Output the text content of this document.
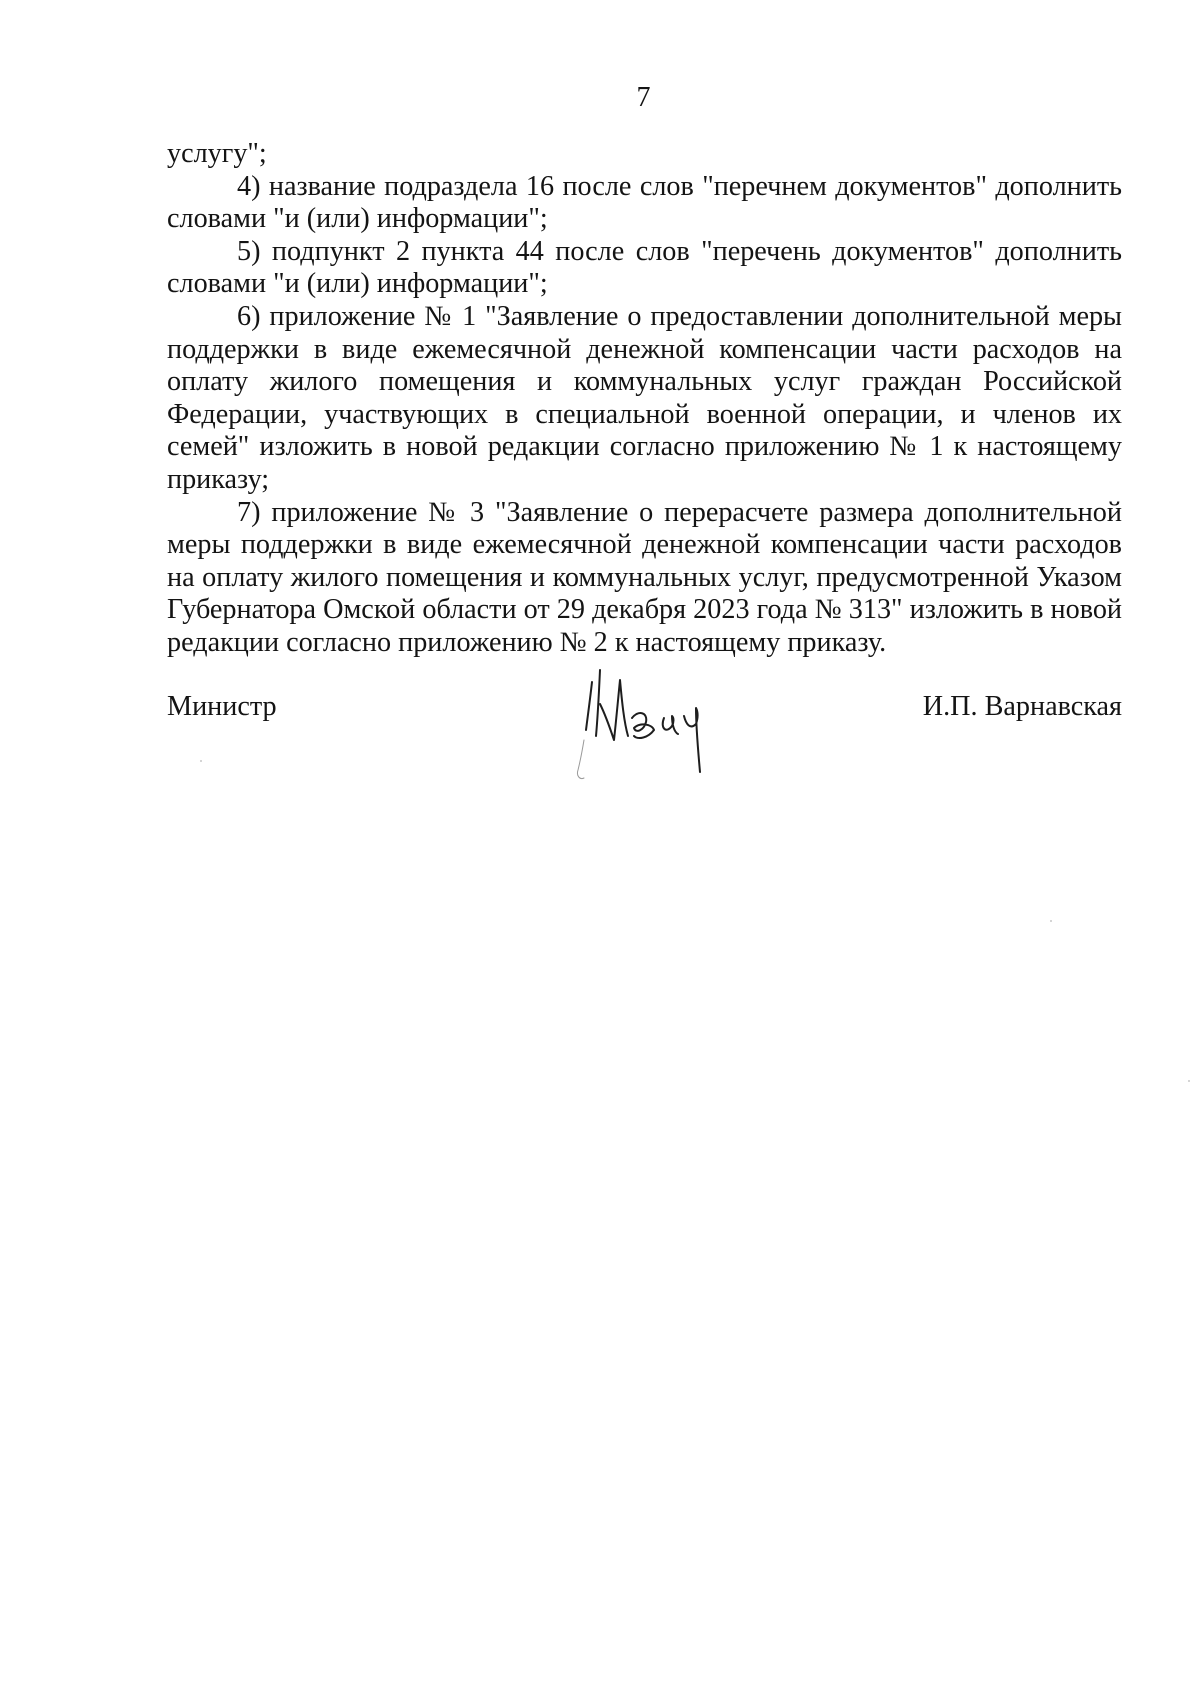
7

услугу";

4) название подраздела 16 после слов "перечнем документов" дополнить словами "и (или) информации";

5) подпункт 2 пункта 44 после слов "перечень документов" дополнить словами "и (или) информации";

6) приложение № 1 "Заявление о предоставлении дополнительной меры поддержки в виде ежемесячной денежной компенсации части расходов на оплату жилого помещения и коммунальных услуг граждан Российской Федерации, участвующих в специальной военной операции, и членов их семей" изложить в новой редакции согласно приложению № 1 к настоящему приказу;

7) приложение № 3 "Заявление о перерасчете размера дополнительной меры поддержки в виде ежемесячной денежной компенсации части расходов на оплату жилого помещения и коммунальных услуг, предусмотренной Указом Губернатора Омской области от 29 декабря 2023 года № 313" изложить в новой редакции согласно приложению № 2 к настоящему приказу.

Министр	И.П. Варнавская
